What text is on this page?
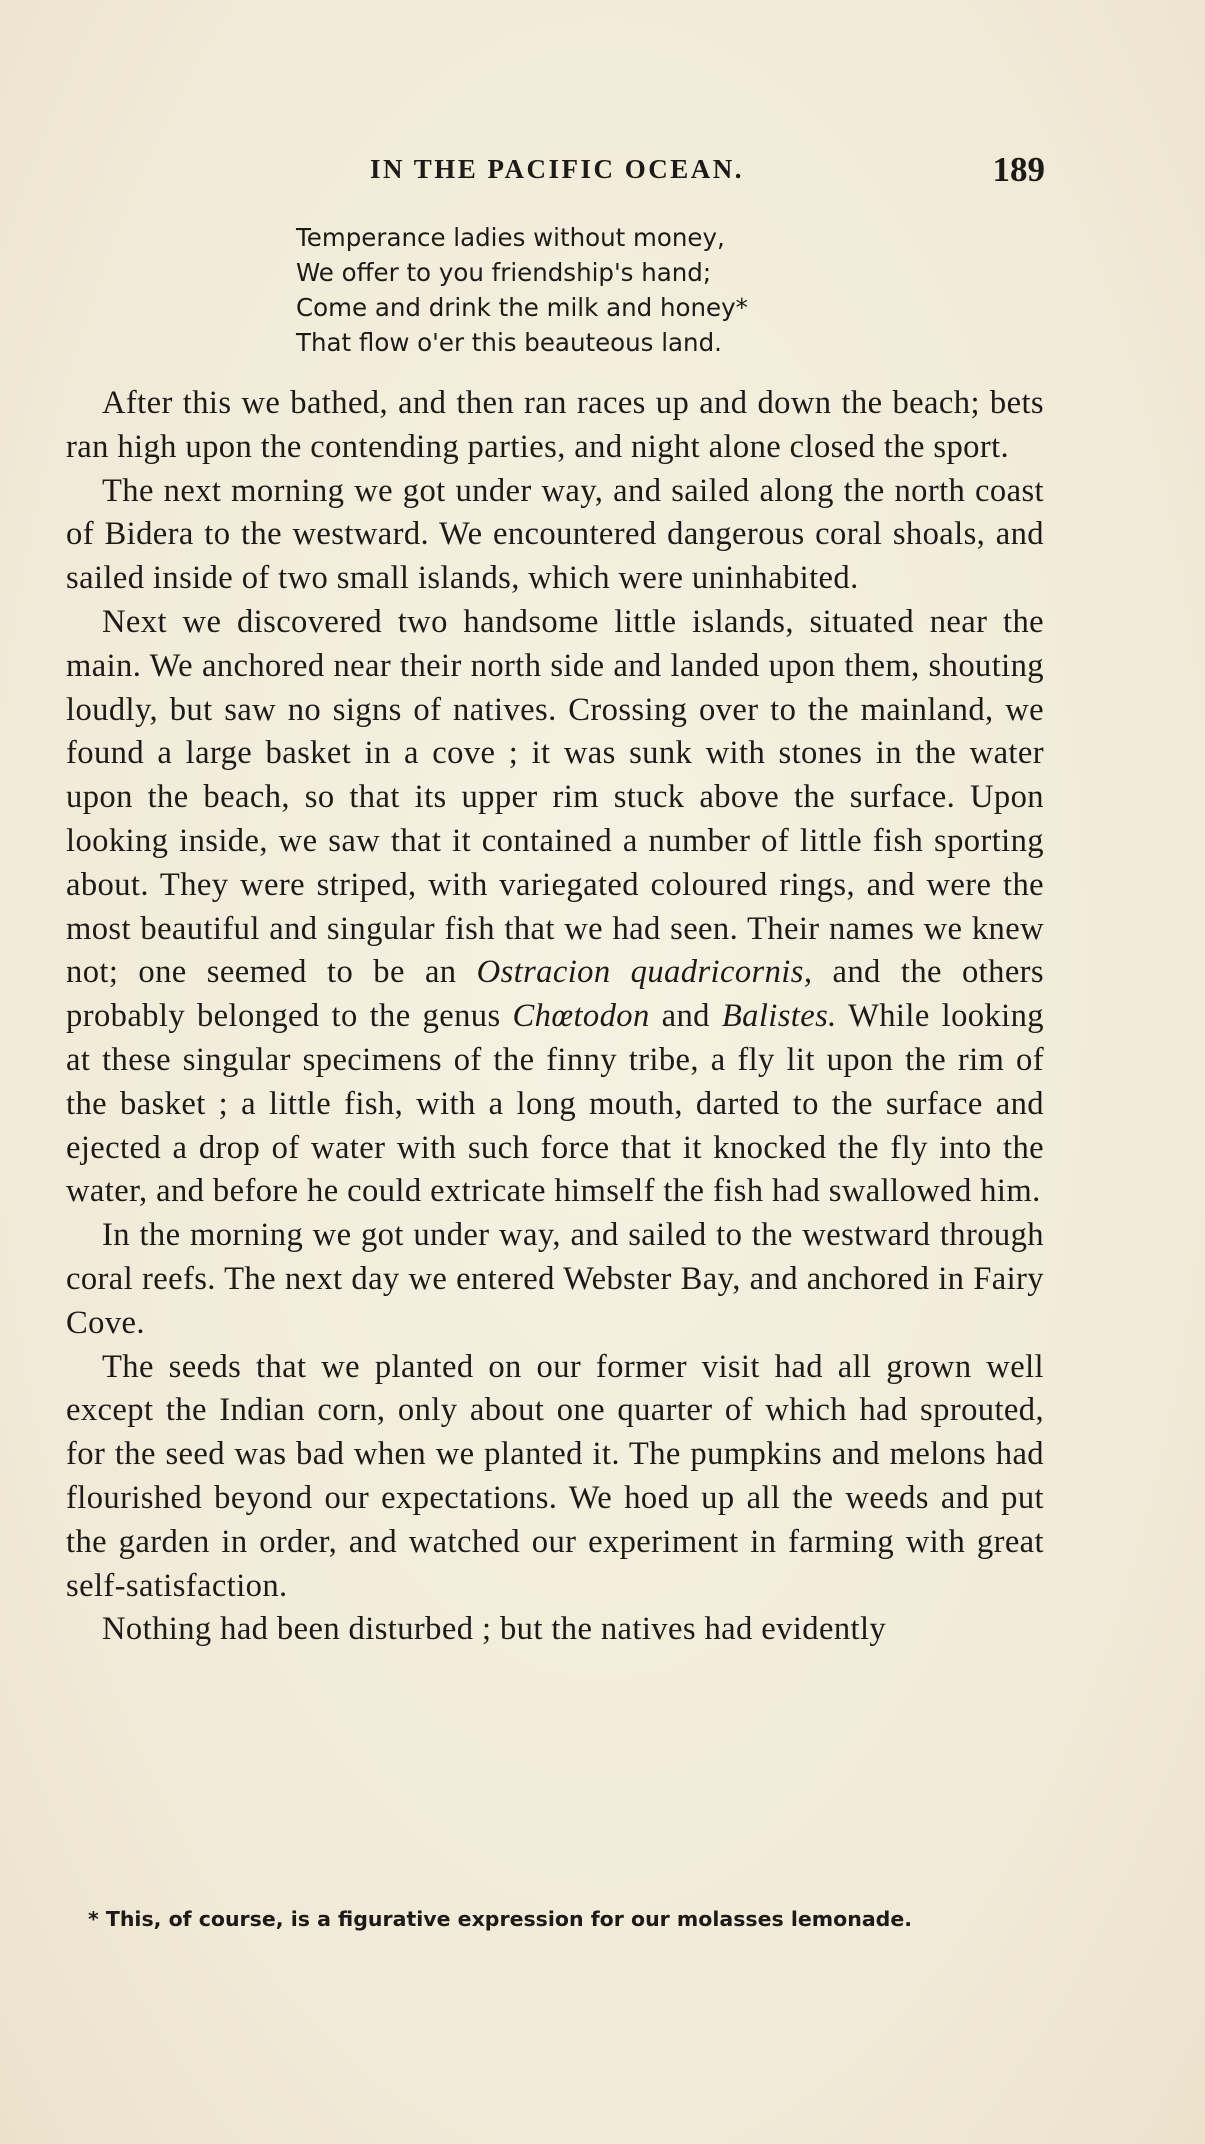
IN THE PACIFIC OCEAN.	189
Temperance ladies without money,
We offer to you friendship's hand;
Come and drink the milk and honey*
That flow o'er this beauteous land.

After this we bathed, and then ran races up and down the beach; bets ran high upon the contending parties, and night alone closed the sport.

The next morning we got under way, and sailed along the north coast of Bidera to the westward. We encountered dangerous coral shoals, and sailed inside of two small islands, which were uninhabited.

Next we discovered two handsome little islands, situated near the main. We anchored near their north side and landed upon them, shouting loudly, but saw no signs of natives. Crossing over to the mainland, we found a large basket in a cove ; it was sunk with stones in the water upon the beach, so that its upper rim stuck above the surface. Upon looking inside, we saw that it contained a number of little fish sporting about. They were striped, with variegated coloured rings, and were the most beautiful and singular fish that we had seen. Their names we knew not; one seemed to be an Ostracion quadricornis, and the others probably belonged to the genus Chœtodon and Balistes. While looking at these singular specimens of the finny tribe, a fly lit upon the rim of the basket ; a little fish, with a long mouth, darted to the surface and ejected a drop of water with such force that it knocked the fly into the water, and before he could extricate himself the fish had swallowed him.

In the morning we got under way, and sailed to the westward through coral reefs. The next day we entered Webster Bay, and anchored in Fairy Cove.

The seeds that we planted on our former visit had all grown well except the Indian corn, only about one quarter of which had sprouted, for the seed was bad when we planted it. The pumpkins and melons had flourished beyond our expectations. We hoed up all the weeds and put the garden in order, and watched our experiment in farming with great self-satisfaction.

Nothing had been disturbed ; but the natives had evidently

* This, of course, is a figurative expression for our molasses lemonade.
